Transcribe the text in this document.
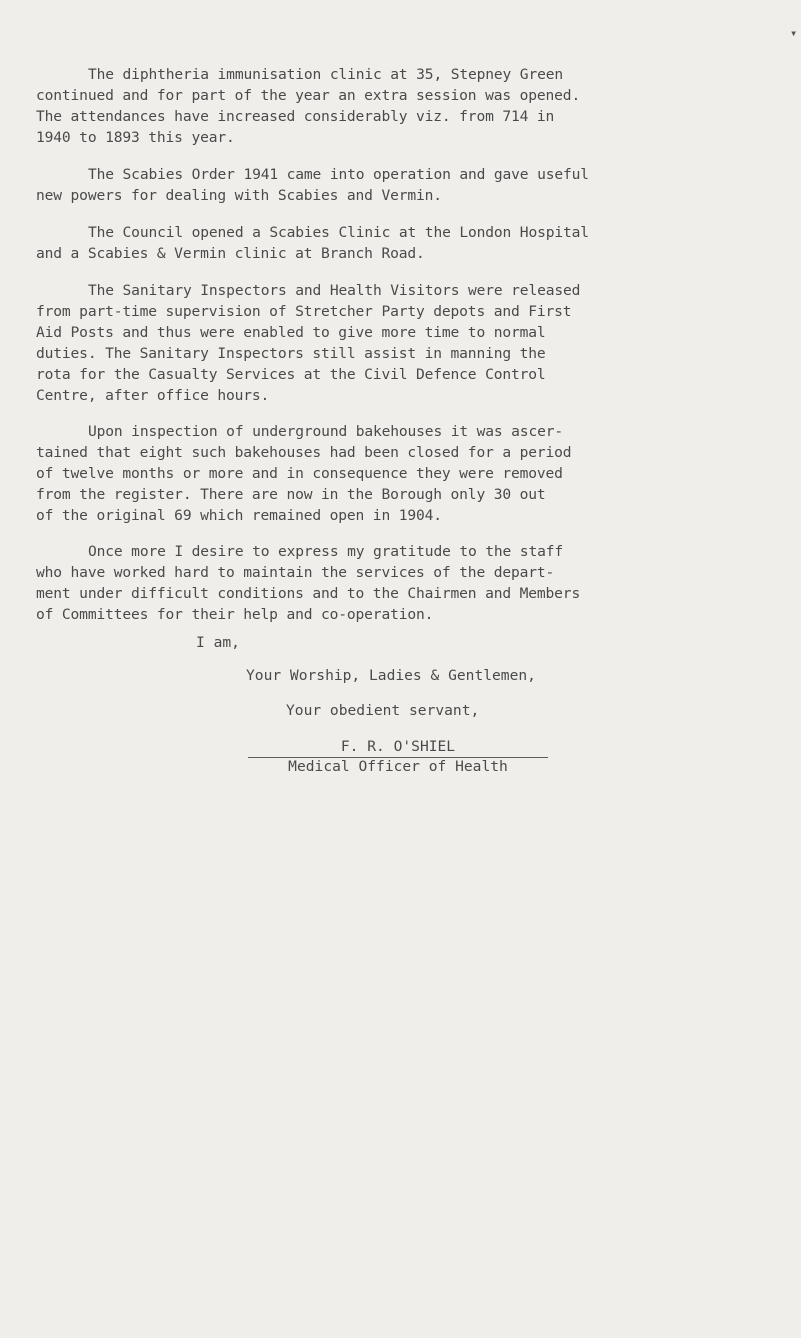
The diphtheria immunisation clinic at 35, Stepney Green
continued and for part of the year an extra session was opened.
The attendances have increased considerably viz. from 714 in
1940 to 1893 this year.
The Scabies Order 1941 came into operation and gave useful
new powers for dealing with Scabies and Vermin.
The Council opened a Scabies Clinic at the London Hospital
and a Scabies & Vermin clinic at Branch Road.
The Sanitary Inspectors and Health Visitors were released
from part-time supervision of Stretcher Party depots and First
Aid Posts and thus were enabled to give more time to normal
duties. The Sanitary Inspectors still assist in manning the
rota for the Casualty Services at the Civil Defence Control
Centre, after office hours.
Upon inspection of underground bakehouses it was ascer-
tained that eight such bakehouses had been closed for a period
of twelve months or more and in consequence they were removed
from the register. There are now in the Borough only 30 out
of the original 69 which remained open in 1904.
Once more I desire to express my gratitude to the staff
who have worked hard to maintain the services of the depart-
ment under difficult conditions and to the Chairmen and Members
of Committees for their help and co-operation.
I am,
Your Worship, Ladies & Gentlemen,
Your obedient servant,
F. R. O'SHIEL
Medical Officer of Health
▾
